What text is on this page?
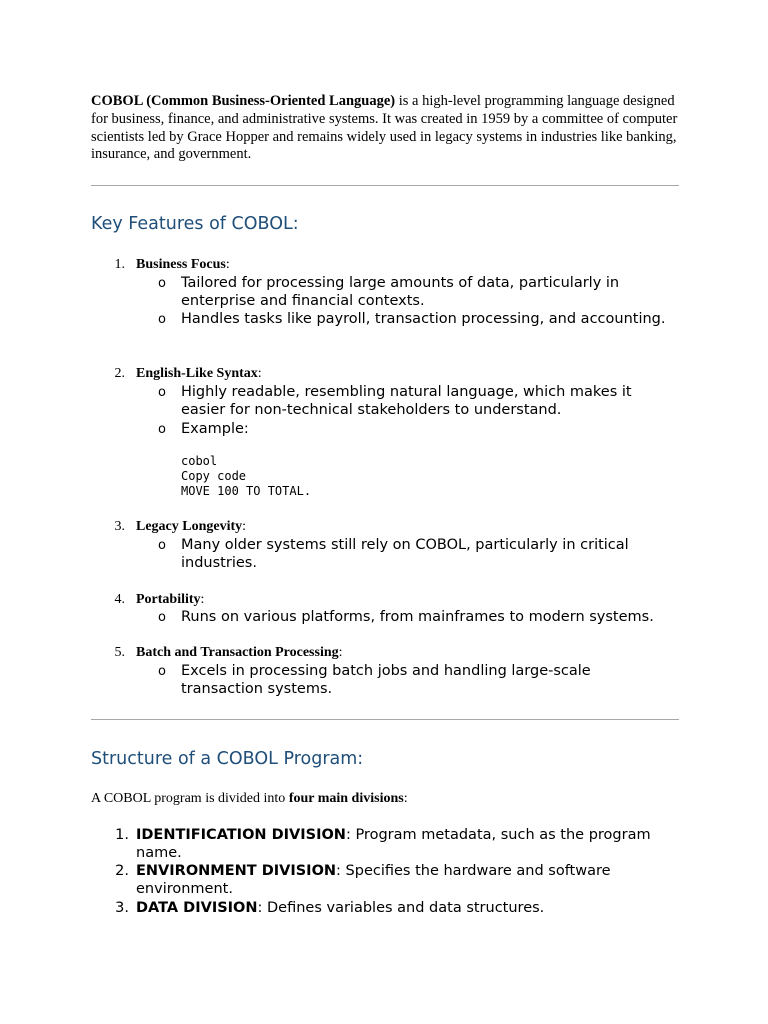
COBOL (Common Business-Oriented Language) is a high-level programming language designed for business, finance, and administrative systems. It was created in 1959 by a committee of computer scientists led by Grace Hopper and remains widely used in legacy systems in industries like banking, insurance, and government.

Key Features of COBOL:
1. Business Focus:
o Tailored for processing large amounts of data, particularly in enterprise and financial contexts.
o Handles tasks like payroll, transaction processing, and accounting.
2. English-Like Syntax:
o Highly readable, resembling natural language, which makes it easier for non-technical stakeholders to understand.
o Example:
cobol
Copy code
MOVE 100 TO TOTAL.
3. Legacy Longevity:
o Many older systems still rely on COBOL, particularly in critical industries.
4. Portability:
o Runs on various platforms, from mainframes to modern systems.
5. Batch and Transaction Processing:
o Excels in processing batch jobs and handling large-scale transaction systems.
Structure of a COBOL Program:
A COBOL program is divided into four main divisions:
1. IDENTIFICATION DIVISION: Program metadata, such as the program name.
2. ENVIRONMENT DIVISION: Specifies the hardware and software environment.
3. DATA DIVISION: Defines variables and data structures.
